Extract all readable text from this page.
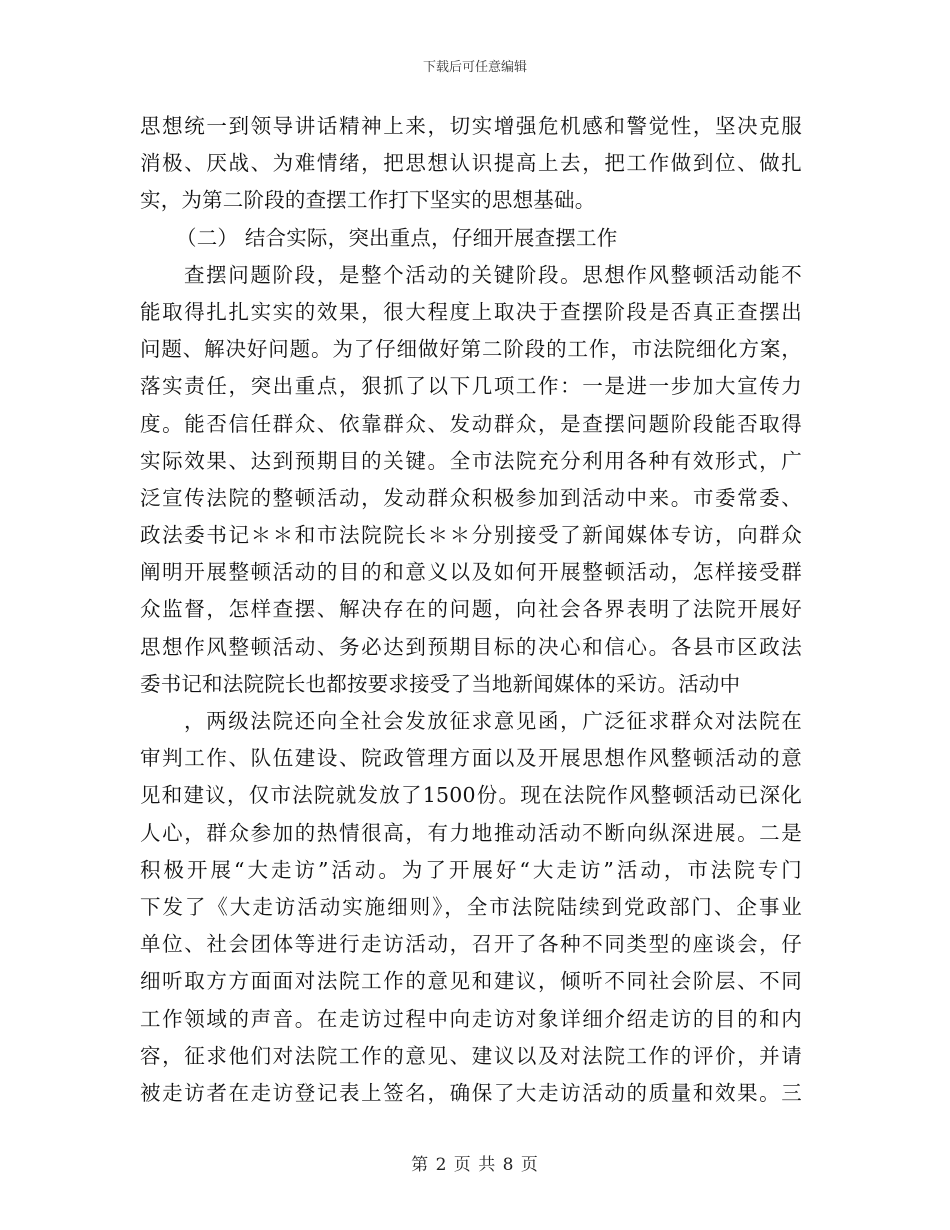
下载后可任意编辑
思想统一到领导讲话精神上来，切实增强危机感和警觉性，坚决克服
消极、厌战、为难情绪，把思想认识提高上去，把工作做到位、做扎
实，为第二阶段的查摆工作打下坚实的思想基础。
（二） 结合实际，突出重点，仔细开展查摆工作
查摆问题阶段，是整个活动的关键阶段。思想作风整顿活动能不
能取得扎扎实实的效果，很大程度上取决于查摆阶段是否真正查摆出
问题、解决好问题。为了仔细做好第二阶段的工作，市法院细化方案，
落实责任，突出重点，狠抓了以下几项工作：一是进一步加大宣传力
度。能否信任群众、依靠群众、发动群众，是查摆问题阶段能否取得
实际效果、达到预期目的关键。全市法院充分利用各种有效形式，广
泛宣传法院的整顿活动，发动群众积极参加到活动中来。市委常委、
政法委书记＊＊和市法院院长＊＊分别接受了新闻媒体专访，向群众
阐明开展整顿活动的目的和意义以及如何开展整顿活动，怎样接受群
众监督，怎样查摆、解决存在的问题，向社会各界表明了法院开展好
思想作风整顿活动、务必达到预期目标的决心和信心。各县市区政法
委书记和法院院长也都按要求接受了当地新闻媒体的采访。活动中
，两级法院还向全社会发放征求意见函，广泛征求群众对法院在
审判工作、队伍建设、院政管理方面以及开展思想作风整顿活动的意
见和建议，仅市法院就发放了1500份。现在法院作风整顿活动已深化
人心，群众参加的热情很高，有力地推动活动不断向纵深进展。二是
积极开展“大走访”活动。为了开展好“大走访”活动，市法院专门
下发了《大走访活动实施细则》，全市法院陆续到党政部门、企事业
单位、社会团体等进行走访活动，召开了各种不同类型的座谈会，仔
细听取方方面面对法院工作的意见和建议，倾听不同社会阶层、不同
工作领域的声音。在走访过程中向走访对象详细介绍走访的目的和内
容，征求他们对法院工作的意见、建议以及对法院工作的评价，并请
被走访者在走访登记表上签名，确保了大走访活动的质量和效果。三
第 2 页 共 8 页
